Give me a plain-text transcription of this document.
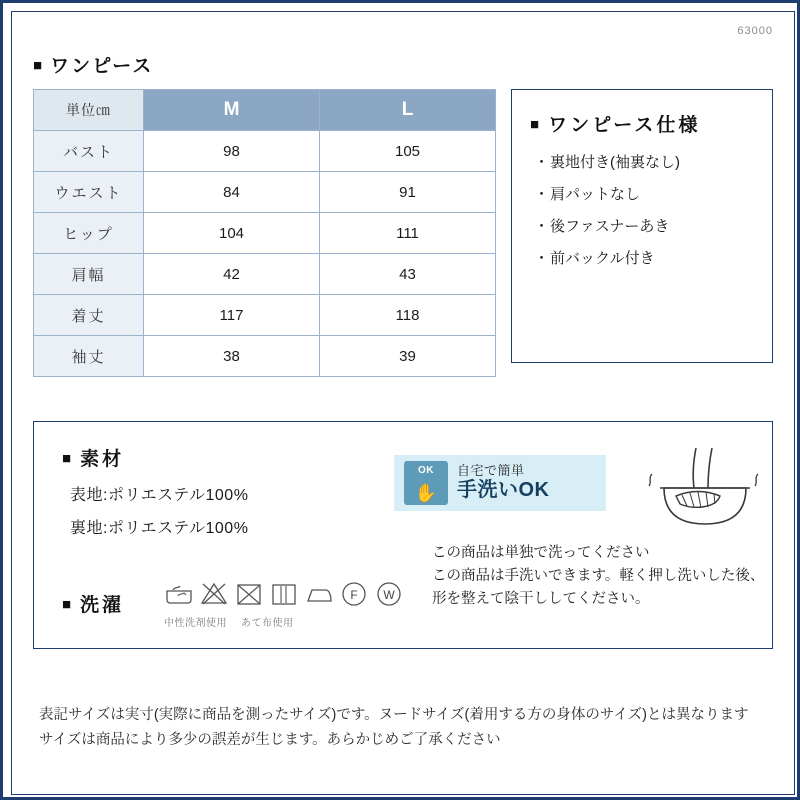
63000
■ ワンピース
単位㎝	M	L
バスト	98	105
ウエスト	84	91
ヒップ	104	111
肩幅	42	43
着丈	117	118
袖丈	38	39
■ ワンピース仕様
・ 裏地付き(袖裏なし)
・ 肩パットなし
・ 後ファスナーあき
・ 前バックル付き
■ 素材
表地:ポリエステル100%
裏地:ポリエステル100%
■ 洗濯	F W
中性洗剤使用 あて布使用
OK
✋
自宅で簡単
手洗いOK
この商品は単独で洗ってください
この商品は手洗いできます。軽く押し洗いした後、
形を整えて陰干ししてください。
表記サイズは実寸(実際に商品を測ったサイズ)です。ヌードサイズ(着用する方の身体のサイズ)とは異なります
サイズは商品により多少の誤差が生じます。あらかじめご了承ください
